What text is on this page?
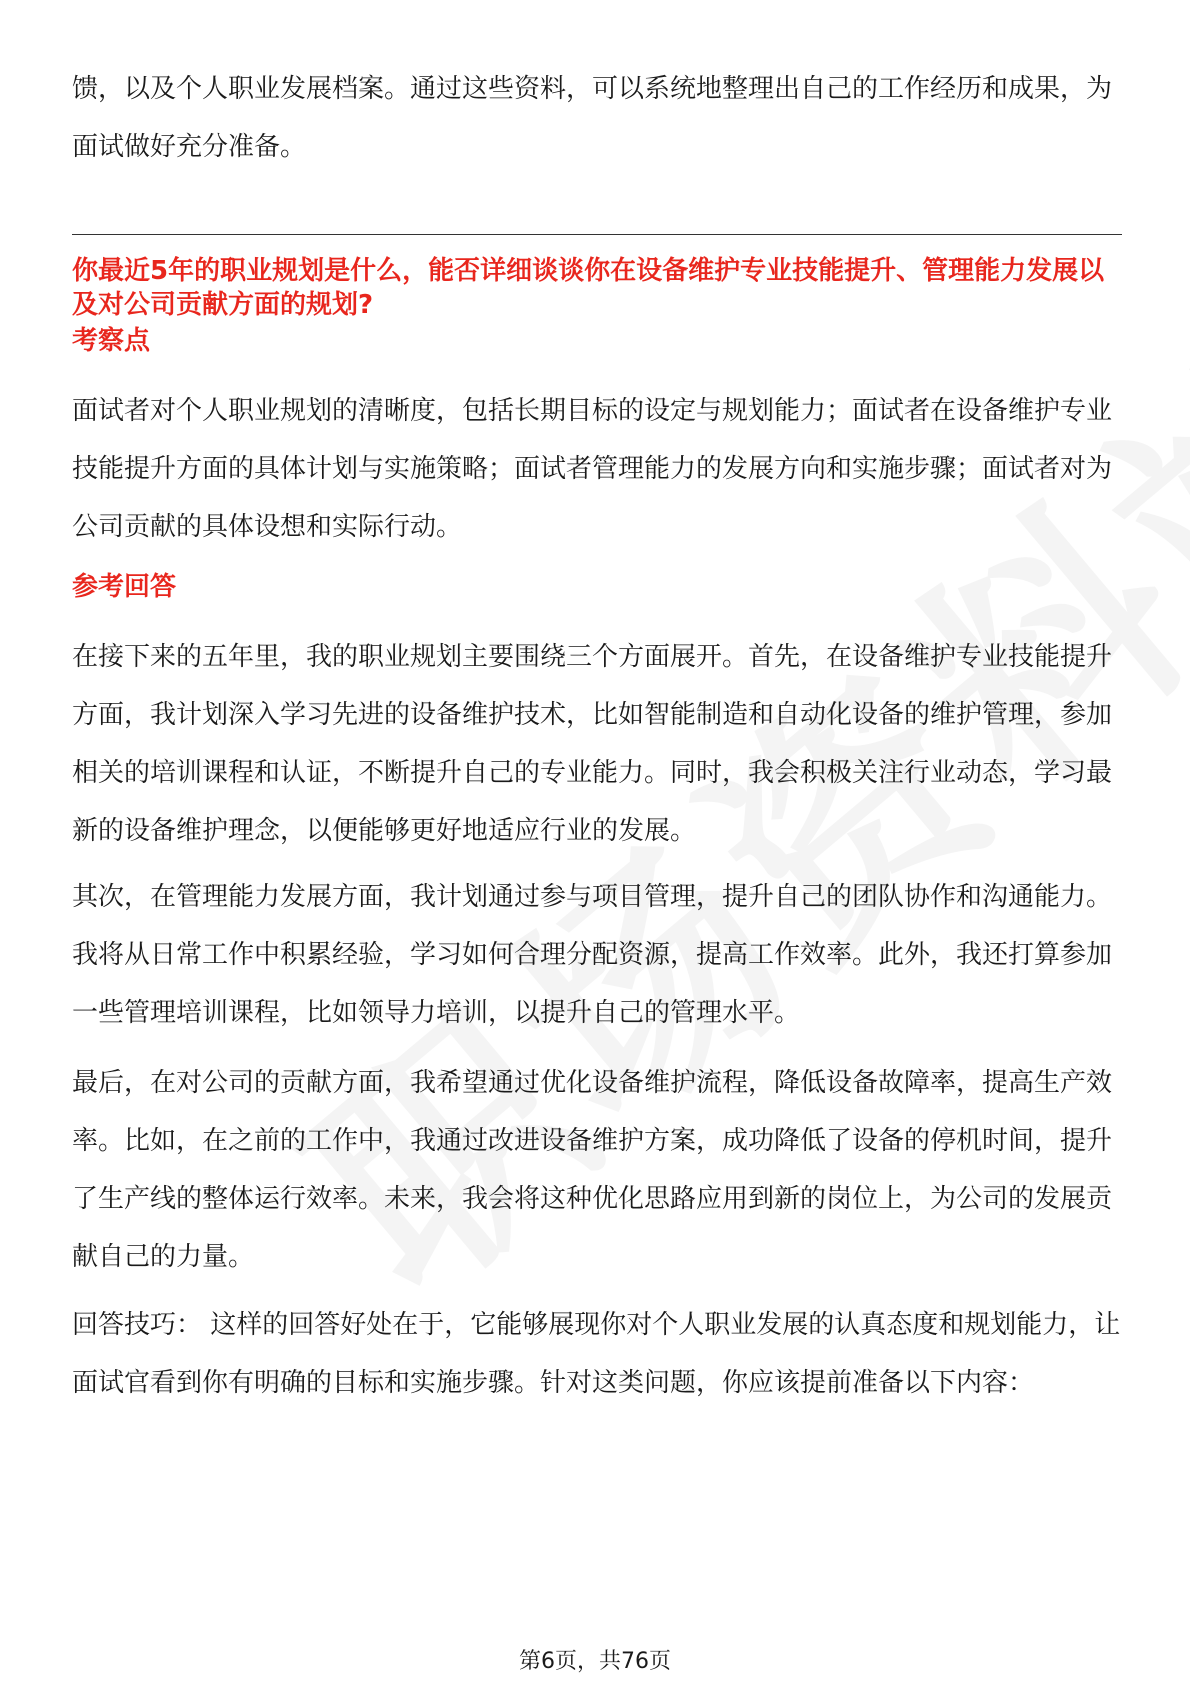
馈，以及个人职业发展档案。通过这些资料，可以系统地整理出自己的工作经历和成果，为面试做好充分准备。

你最近5年的职业规划是什么，能否详细谈谈你在设备维护专业技能提升、管理能力发展以及对公司贡献方面的规划?
考察点

面试者对个人职业规划的清晰度，包括长期目标的设定与规划能力；面试者在设备维护专业技能提升方面的具体计划与实施策略；面试者管理能力的发展方向和实施步骤；面试者对为公司贡献的具体设想和实际行动。

参考回答

在接下来的五年里，我的职业规划主要围绕三个方面展开。首先，在设备维护专业技能提升方面，我计划深入学习先进的设备维护技术，比如智能制造和自动化设备的维护管理，参加相关的培训课程和认证，不断提升自己的专业能力。同时，我会积极关注行业动态，学习最新的设备维护理念，以便能够更好地适应行业的发展。

其次，在管理能力发展方面，我计划通过参与项目管理，提升自己的团队协作和沟通能力。我将从日常工作中积累经验，学习如何合理分配资源，提高工作效率。此外，我还打算参加一些管理培训课程，比如领导力培训，以提升自己的管理水平。

最后，在对公司的贡献方面，我希望通过优化设备维护流程，降低设备故障率，提高生产效率。比如，在之前的工作中，我通过改进设备维护方案，成功降低了设备的停机时间，提升了生产线的整体运行效率。未来，我会将这种优化思路应用到新的岗位上，为公司的发展贡献自己的力量。

回答技巧： 这样的回答好处在于，它能够展现你对个人职业发展的认真态度和规划能力，让面试官看到你有明确的目标和实施步骤。针对这类问题，你应该提前准备以下内容：

第6页，共76页
